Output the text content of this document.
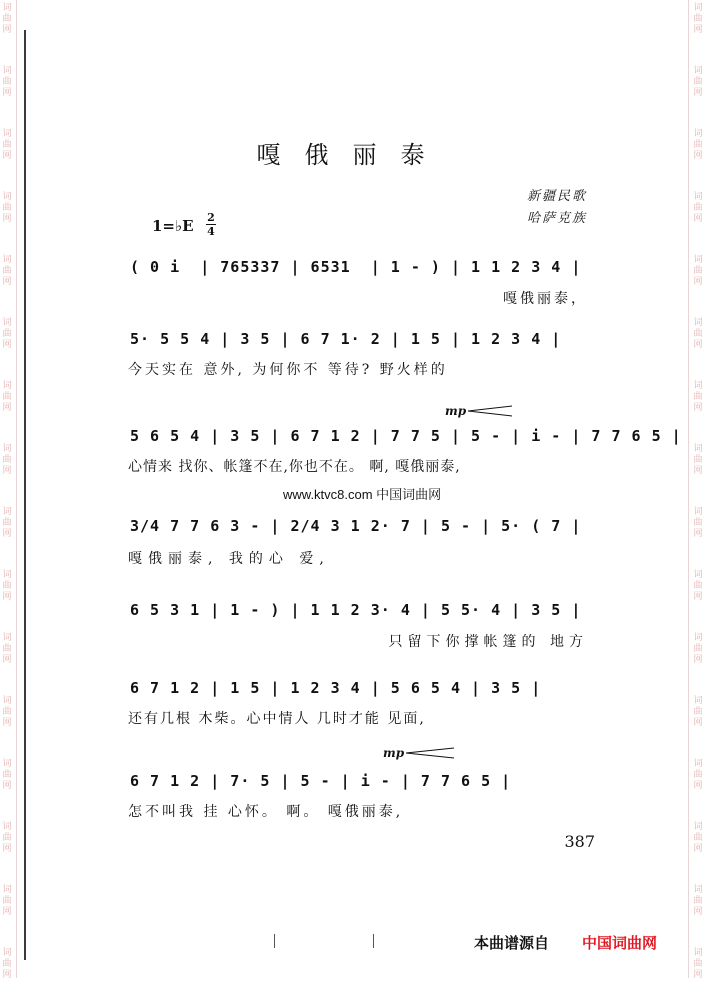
词
曲
网
词
曲
网
词
曲
网
词
曲
网
词
曲
网
词
曲
网
词
曲
网
词
曲
网
词
曲
网
词
曲
网
词
曲
网
词
曲
网
词
曲
网
词
曲
网
词
曲
网
词
曲
网
词
曲
网
词
曲
网
词
曲
网
词
曲
网
词
曲
网
词
曲
网
词
曲
网
词
曲
网
词
曲
网
词
曲
网
词
曲
网
词
曲
网
词
曲
网
词
曲
网
词
曲
网
词
曲
网
嘎俄丽泰
新疆民歌
哈萨克族
1=♭E 2
4
( 0 i  | 765337 | 6531  | 1 - ) | 1 1 2 3 4 |
嘎俄丽泰，
5· 5 5 4 | 3 5 | 6 7 1· 2 | 1 5 | 1 2 3 4 |
今天实在 意外, 为何你不 等待? 野火样的
mp
5 6 5 4 | 3 5 | 6 7 1 2 | 7 7 5 | 5 - | i - | 7 7 6 5 |
心情来 找你、帐篷不在,你也不在。 啊, 嘎俄丽泰,
www.ktvc8.com 中国词曲网
3/4 7 7 6 3 - | 2/4 3 1 2· 7 | 5 - | 5· ( 7 |
嘎俄丽泰, 我的心 爱,
6 5 3 1 | 1 - ) | 1 1 2 3· 4 | 5 5· 4 | 3 5 |
只留下你撑帐篷的 地方
6 7 1 2 | 1 5 | 1 2 3 4 | 5 6 5 4 | 3 5 |
还有几根 木柴。心中情人 几时才能 见面,
mp
6 7 1 2 | 7· 5 | 5 - | i - | 7 7 6 5 |
怎不叫我 挂 心怀。 啊。 嘎俄丽泰,
387
本曲谱源自 中国词曲网
